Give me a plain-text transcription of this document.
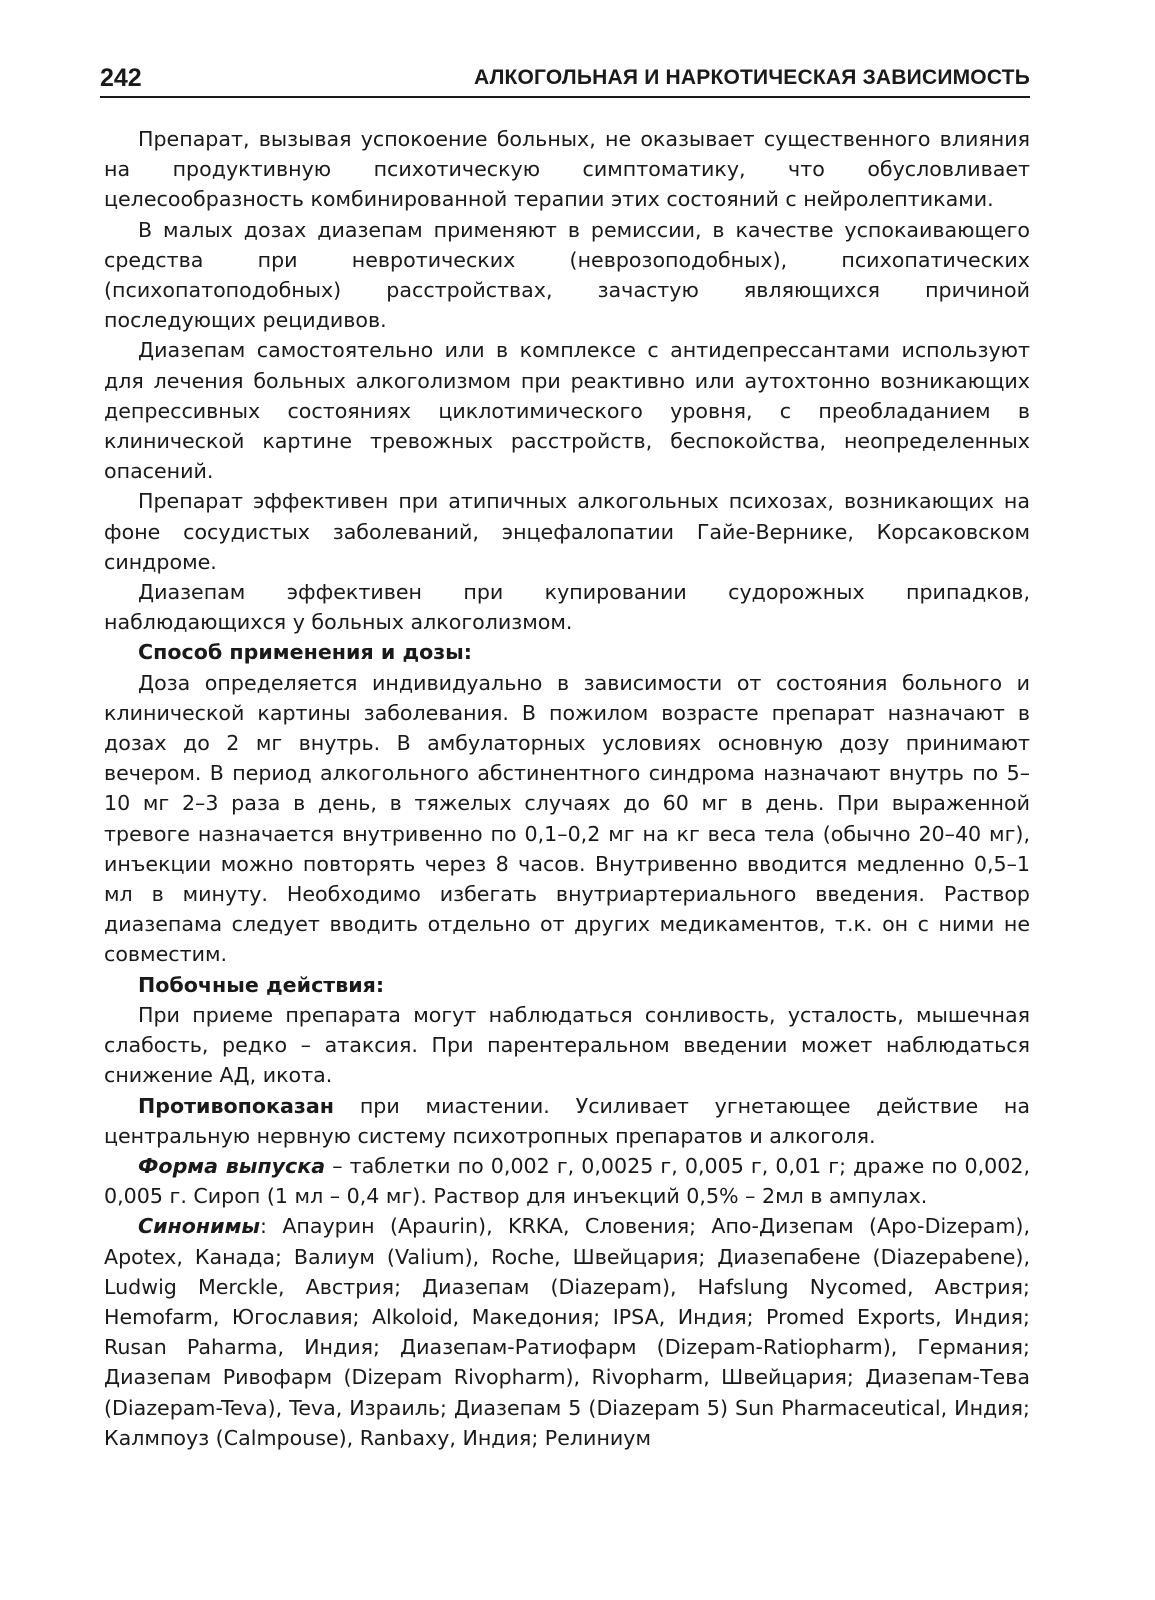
242	АЛКОГОЛЬНАЯ И НАРКОТИЧЕСКАЯ ЗАВИСИМОСТЬ

Препарат, вызывая успокоение больных, не оказывает существенного влияния на продуктивную психотическую симптоматику, что обусловливает целесообразность комбинированной терапии этих состояний с нейролептиками.

В малых дозах диазепам применяют в ремиссии, в качестве успокаивающего средства при невротических (неврозоподобных), психопатических (психопатоподобных) расстройствах, зачастую являющихся причиной последующих рецидивов.

Диазепам самостоятельно или в комплексе с антидепрессантами используют для лечения больных алкоголизмом при реактивно или аутохтонно возникающих депрессивных состояниях циклотимического уровня, с преобладанием в клинической картине тревожных расстройств, беспокойства, неопределенных опасений.

Препарат эффективен при атипичных алкогольных психозах, возникающих на фоне сосудистых заболеваний, энцефалопатии Гайе-Вернике, Корсаковском синдроме.

Диазепам эффективен при купировании судорожных припадков, наблюдающихся у больных алкоголизмом.

Способ применения и дозы:

Доза определяется индивидуально в зависимости от состояния больного и клинической картины заболевания. В пожилом возрасте препарат назначают в дозах до 2 мг внутрь. В амбулаторных условиях основную дозу принимают вечером. В период алкогольного абстинентного синдрома назначают внутрь по 5–10 мг 2–3 раза в день, в тяжелых случаях до 60 мг в день. При выраженной тревоге назначается внутривенно по 0,1–0,2 мг на кг веса тела (обычно 20–40 мг), инъекции можно повторять через 8 часов. Внутривенно вводится медленно 0,5–1 мл в минуту. Необходимо избегать внутриартериального введения. Раствор диазепама следует вводить отдельно от других медикаментов, т.к. он с ними не совместим.

Побочные действия:

При приеме препарата могут наблюдаться сонливость, усталость, мышечная слабость, редко – атаксия. При парентеральном введении может наблюдаться снижение АД, икота.

Противопоказан при миастении. Усиливает угнетающее действие на центральную нервную систему психотропных препаратов и алкоголя.

Форма выпуска – таблетки по 0,002 г, 0,0025 г, 0,005 г, 0,01 г; драже по 0,002, 0,005 г. Сироп (1 мл – 0,4 мг). Раствор для инъекций 0,5% – 2мл в ампулах.

Синонимы: Апаурин (Apaurin), KRKA, Словения; Апо-Дизепам (Apo-Dizepam), Apotex, Канада; Валиум (Valium), Roche, Швейцария; Диазепабене (Diazepabene), Ludwig Merckle, Австрия; Диазепам (Diazepam), Hafslung Nycomed, Австрия; Hemofarm, Югославия; Alkoloid, Македония; IPSA, Индия; Promed Exports, Индия; Rusan Paharma, Индия; Диазепам-Ратиофарм (Dizepam-Ratiopharm), Германия; Диазепам Ривофарм (Dizepam Rivopharm), Rivopharm, Швейцария; Диазепам-Тева (Diazepam-Teva), Teva, Израиль; Диазепам 5 (Diazepam 5) Sun Pharmaceutical, Индия; Калмпоуз (Calmpouse), Ranbaxy, Индия; Релиниум
